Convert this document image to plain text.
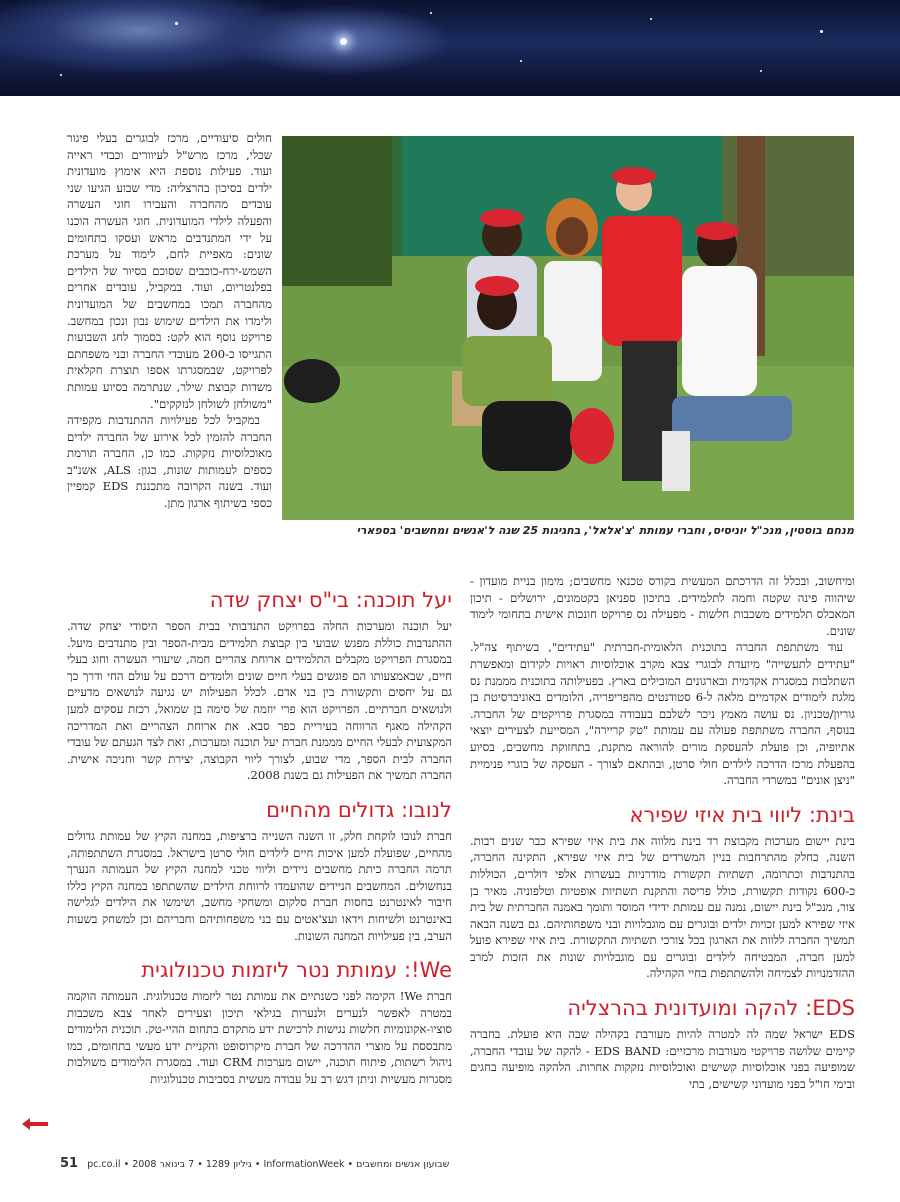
מנחם בוסטין, מנכ"ל יוניסיס, וחברי עמותת 'צ'אלאל', בחגיגות 25 שנה ל'אנשים ומחשבים' בספארי

חולים סיעודיים, מרכז לבוגרים בעלי פיגור שכלי, מרכז מרש"ל לעיוורים וכבדי ראייה ועוד. פעילות נוספת היא אימוץ מועדונית ילדים בסיכון בהרצליה: מדי שבוע הגיעו שני עובדים מהחברה והעבירו חוגי העשרה והפעלה לילדי המועדונית. חוגי העשרה הוכנו על ידי המתנדבים מראש ועסקו בתחומים שונים: מאפיית לחם, לימוד על מערכת השמש-ירח-כוכבים שסוכם בסיור של הילדים בפלנטריום, ועוד. במקביל, עובדים אחרים מהחברה תמכו במחשבים של המועדונית ולימדו את הילדים שימוש נבון ונכון במחשב. פרויקט נוסף הוא לקט: בסמוך לחג השבועות התגייסו כ-200 מעובדי החברה ובני משפחתם לפרויקט, שבמסגרתו אספו תוצרת חקלאית משדות קבוצת שילר, שנתרמה בסיוע עמותת "משולחן לשולחן לנזקקים".

במקביל לכל פעילויות ההתנדבות מקפידה החברה להזמין לכל אירוע של החברה ילדים מאוכלוסיות נזקקות. כמו כן, החברה תורמת כספים לעמותות שונות, כגון: ALS, אשנ"ב ועוד. בשנה הקרובה מתכננת EDS קמפיין כספי בשיתוף ארגון מתן.

ומיחשוב, ובכלל זה הדרכתם המעשית בקורס טכנאי מחשבים; מימון בניית מועדון - שיהווה פינה שקטה וחמה לתלמידים. בתיכון ספניאן בקטמונים, ירושלים - תיכון המאכלס תלמידים משכבות חלשות - מפעילה נס פרויקט חונכות אישית בתחומי לימוד שונים.

עוד משתתפת החברה בתוכנית הלאומית-חברתית "עתידים", בשיתוף צה"ל. "עתידים לתעשייה" מיועדת לבוגרי צבא מקרב אוכלוסיות ראויות לקידום ומאפשרת השתלבות במסגרת אקדמית ובארגונים המובילים בארץ. בפעילותה בתוכנית מממנת נס מלגת לימודים אקדמיים מלאה ל-6 סטודנטים מהפריפריה, הלומדים באוניברסיטת בן גוריון/טכניון. נס עושה מאמץ ניכר לשלבם בעבודה במסגרת פרויקטים של החברה. בנוסף, החברה משתתפת פעולה עם עמותת "טק קריירה", המסייעת לצעירים יוצאי אתיופיה, וכן פועלת להעסקת מורים להוראה מתקנת, בתחזוקת מחשבים, בסיוע בהפעלת מרכז הדרכה לילדים חולי סרטן, ובהתאם לצורך - העסקה של בוגרי פנימיית "ניצן אונים" במשרדי החברה.

בינת: ליווי בית איזי שפירא

בינת יישום מערכות מקבוצת רד בינת מלווה את בית איזי שפירא כבר שנים רבות. השנה, כחלק מהתרחבות בניין המשרדים של בית איזי שפירא, התקינה החברה, בהתנדבות וכתרומה, תשתיות תקשורת מודרניות בעשרות אלפי דולרים, הכוללות כ-600 נקודות תקשורת, כולל פריסה והתקנת תשתיות אופטיות וטלפוניה. מאיר בן צור, מנכ"ל בינת יישום, נמנה עם עמותת ידידי המוסד ותומך באמנה החברתית של בית איזי שפירא למען זכויות ילדים ובוגרים עם מוגבלויות ובני משפחותיהם. גם בשנה הבאה תמשיך החברה ללוות את הארגון בכל צורכי תשתיות התקשורת. בית איזי שפירא פועל למען חברה, המבטיחה לילדים ובוגרים עם מוגבלויות שונות את הזכות למרב ההזדמנויות לצמיחה ולהשתתפות בחיי הקהילה.

EDS: להקה ומועדונית בהרצליה

EDS ישראל שמה לה למטרה להיות מעורבת בקהילה שבה היא פועלת. בחברה קיימים שלושה פרויקטי מעורבות מרכזיים: EDS BAND - להקה של עובדי החברה, שמופיעה בפני אוכלוסיות קשישים ואוכלוסיות נזקקות אחרות. הלהקה מופיעה בחגים ובימי חו"ל בפני מועדוני קשישים, בתי

יעל תוכנה: בי"ס יצחק שדה

יעל תוכנה ומערכות החלה בפרויקט התנדבותי בבית הספר היסודי יצחק שדה. ההתנדבות כוללת מפגש שבועי בין קבוצת תלמידים מבית-הספר ובין מתנדבים מיעל. במסגרת הפרויקט מקבלים התלמידים ארוחת צהריים חמה, שיעורי העשרה וחוג בעלי חיים, שבאמצעותו הם פוגשים בעלי חיים שונים ולומדים דרכם על עולם החי ודרך כך גם על יחסים ותקשורת בין בני אדם. לכלל הפעילות יש נגיעה לנושאים מדעיים ולנושאים חברתיים. הפרויקט הוא פרי יוזמה של סימה בן שמואל, רכזת עסקים למען הקהילה מאגף הרווחה בעיריית כפר סבא. את ארוחת הצהריים ואת המדריכה המקצועית לבעלי החיים מממנת חברת יעל תוכנה ומערכות, זאת לצד הגעתם של עובדי החברה לבית הספר, מדי שבוע, לצורך ליווי הקבוצה, יצירת קשר וחניכה אישית. החברה תמשיך את הפעילות גם בשנת 2008.

לנובו: גדולים מהחיים

חברת לנובו לוקחת חלק, זו השנה השנייה ברציפות, במחנה הקיץ של עמותת גדולים מהחיים, שפועלת למען איכות חיים לילדים חולי סרטן בישראל. במסגרת השתתפותה, תרמה החברה כיתת מחשבים ניידים וליווי טכני למחנה הקיץ של העמותה הנערך בנחשולים. המחשבים הניידים שהועמדו לרווחת הילדים שהשתתפו במחנה הקיץ כללו חיבור לאינטרנט בחסות חברת סלקום ומשחקי מחשב, ושימשו את הילדים לגלישה באינטרנט ולשיחות וידאו ועצ'אטים עם בני משפחותיהם וחבריהם וכן למשחק בשעות הערב, בין פעילויות המחנה השונות.

We!: עמותת נטר ליזמות טכנולוגית

חברת We! הקימה לפני כשנתיים את עמותת נטר ליזמות טכנולוגית. העמותה הוקמה במטרה לאפשר לנערים ולנערות בגילאי תיכון וצעירים לאחר צבא משכבות סוציו-אקונומיות חלשות נגישות לרכישת ידע מתקדם בתחום ההיי-טק. תוכנית הלימודים מתבססת על מוצרי ההדרכה של חברת מיקרוסופט והקניית ידע מעשי בתחומים, כמו ניהול רשתות, פיתוח תוכנה, יישום מערכות CRM ועוד. במסגרת הלימודים משולבות מסגרות מעשיות וניתן דגש רב על עבודה מעשית בסביבות טכנולוגיות

51 pc.co.il • 2008 גיליון 1289 • 7 בינואר • InformationWeek • שבועון אנשים ומחשבים
